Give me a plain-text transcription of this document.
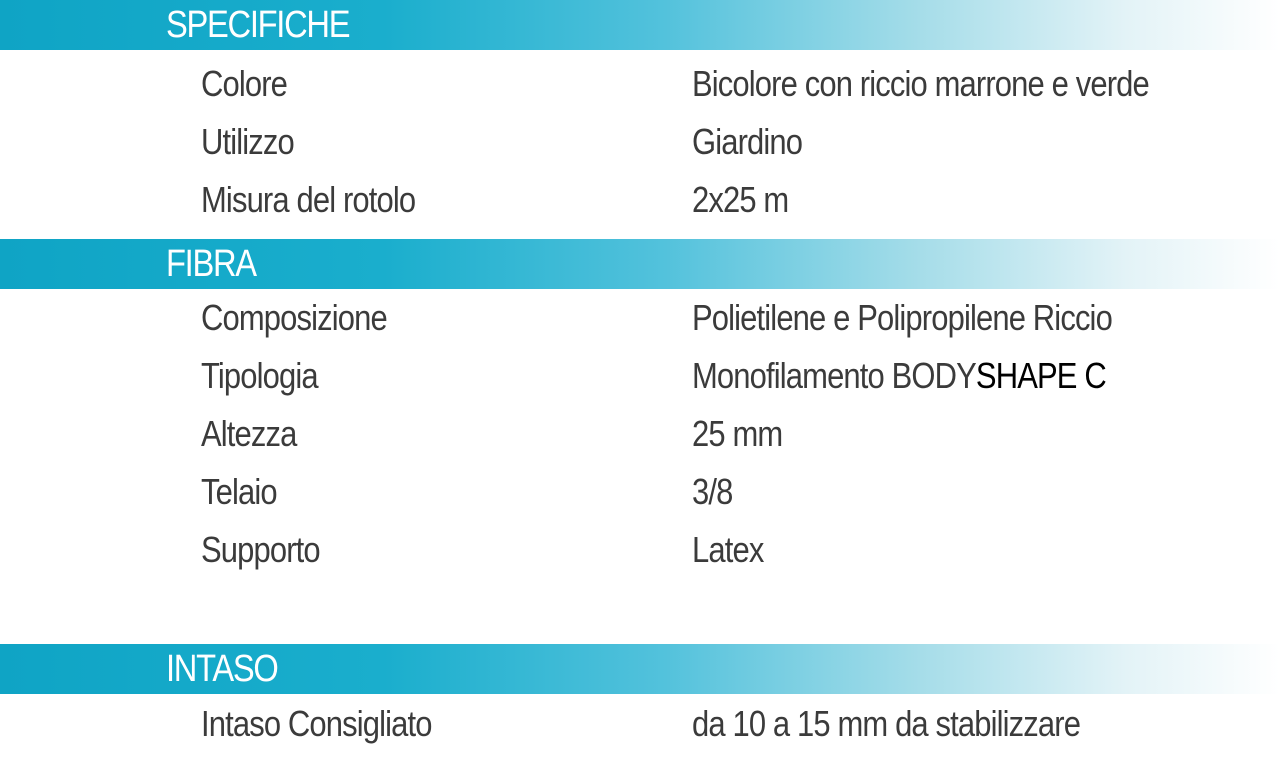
SPECIFICHE
Colore	Bicolore con riccio marrone e verde
Utilizzo	Giardino
Misura del rotolo	2x25 m
FIBRA
Composizione	Polietilene e Polipropilene Riccio
Tipologia	Monofilamento BODYSHAPE C
Altezza	25 mm
Telaio	3/8
Supporto	Latex
INTASO
Intaso Consigliato	da 10 a 15 mm da stabilizzare
